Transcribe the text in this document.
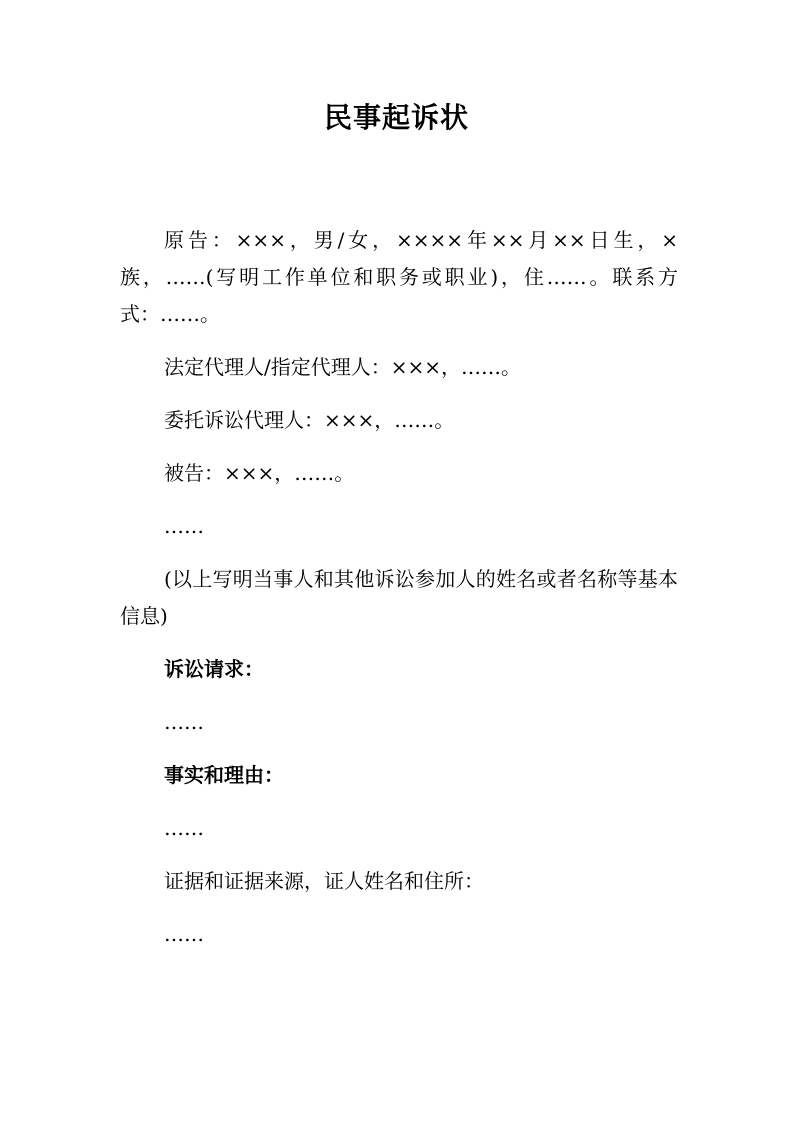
民事起诉状

原告：×××，男/女，××××年××月××日生，×族，……(写明工作单位和职务或职业)，住……。联系方式：……。

法定代理人/指定代理人：×××，……。

委托诉讼代理人：×××，……。

被告：×××，……。

……

(以上写明当事人和其他诉讼参加人的姓名或者名称等基本信息)

诉讼请求：

……

事实和理由：

……

证据和证据来源，证人姓名和住所：

……
